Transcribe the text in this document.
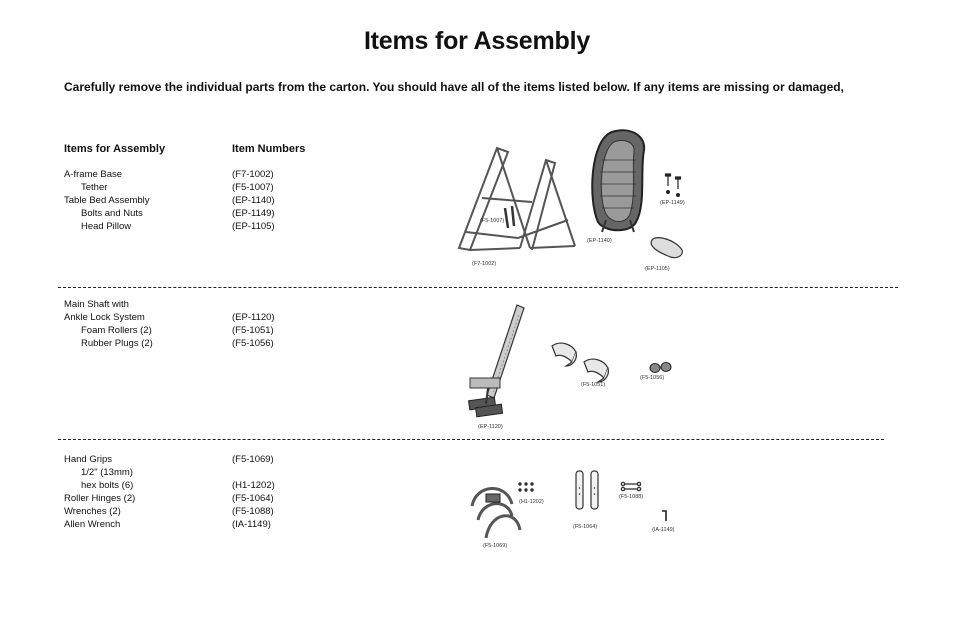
Items for Assembly
Carefully remove the individual parts from the carton. You should have all of the items listed below. If any items are missing or damaged,
Items for Assembly	Item Numbers
A-frame Base	(F7-1002)
Tether	(F5-1007)
Table Bed Assembly	(EP-1140)
Bolts and Nuts	(EP-1149)
Head Pillow	(EP-1105)
Main Shaft with
Ankle Lock System	(EP-1120)
Foam Rollers (2)	(F5-1051)
Rubber Plugs (2)	(F5-1056)
Hand Grips	(F5-1069)
1/2" (13mm)
hex bolts (6)	(H1-1202)
Roller Hinges (2)	(F5-1064)
Wrenches (2)	(F5-1088)
Allen Wrench	(IA-1149)
(F5-1007)
(F7-1002)
(EP-1140)
(EP-1149)
(EP-1105)
(EP-1120)
(F5-1051)
(F5-1056)
(F5-1069)
(H1-1202)
(F5-1064)
(F5-1088)
(IA-1149)
